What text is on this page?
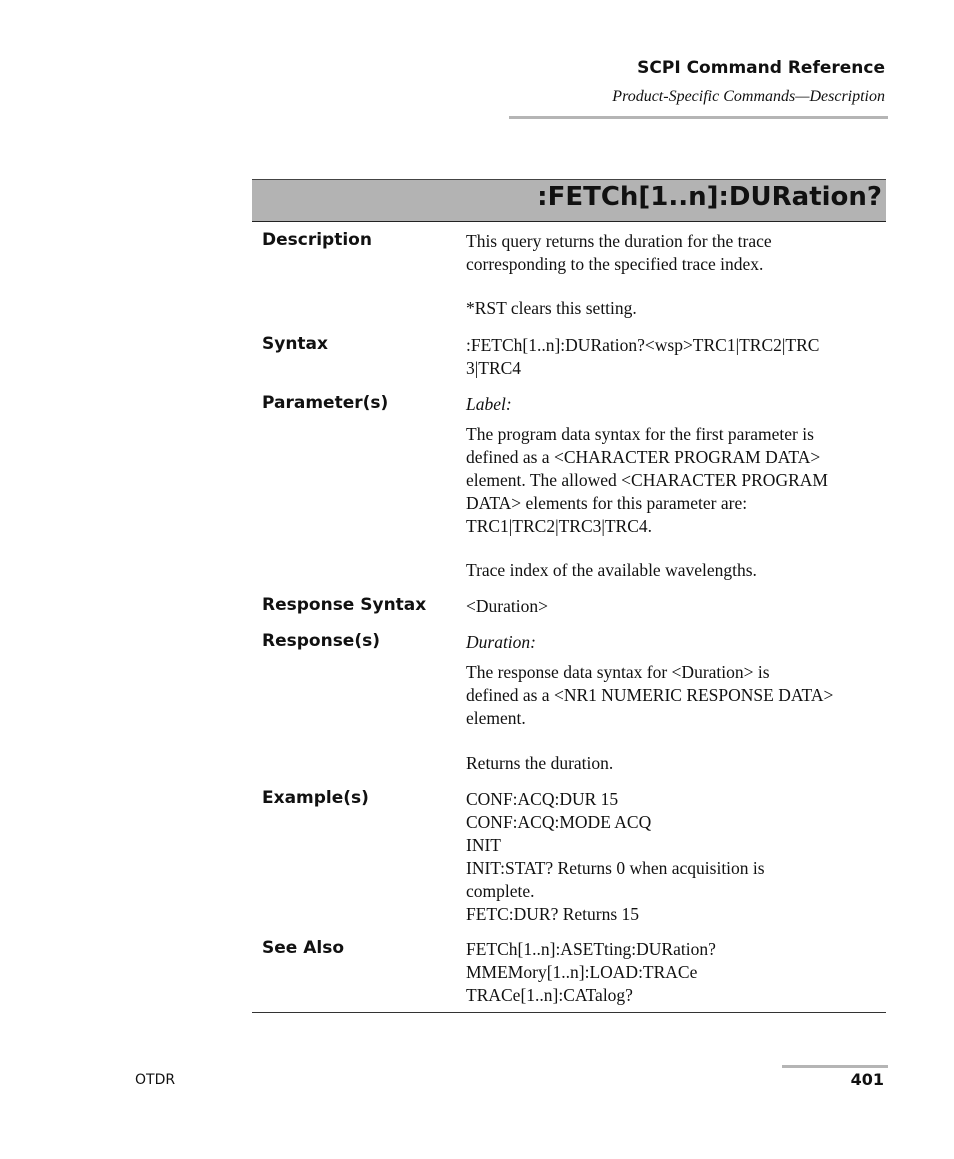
SCPI Command Reference
Product-Specific Commands—Description
:FETCh[1..n]:DURation?
Description	This query returns the duration for the trace
corresponding to the specified trace index.
*RST clears this setting.
Syntax	:FETCh[1..n]:DURation?<wsp>TRC1|TRC2|TRC
3|TRC4
Parameter(s)	Label:
The program data syntax for the first parameter is
defined as a <CHARACTER PROGRAM DATA>
element. The allowed <CHARACTER PROGRAM
DATA> elements for this parameter are:
TRC1|TRC2|TRC3|TRC4.
Trace index of the available wavelengths.
Response Syntax <Duration>
Response(s)	Duration:
The response data syntax for <Duration> is
defined as a <NR1 NUMERIC RESPONSE DATA>
element.
Returns the duration.
Example(s)	CONF:ACQ:DUR 15
CONF:ACQ:MODE ACQ
INIT
INIT:STAT? Returns 0 when acquisition is
complete.
FETC:DUR? Returns 15
See Also	FETCh[1..n]:ASETting:DURation?
MMEMory[1..n]:LOAD:TRACe
TRACe[1..n]:CATalog?
OTDR	401
